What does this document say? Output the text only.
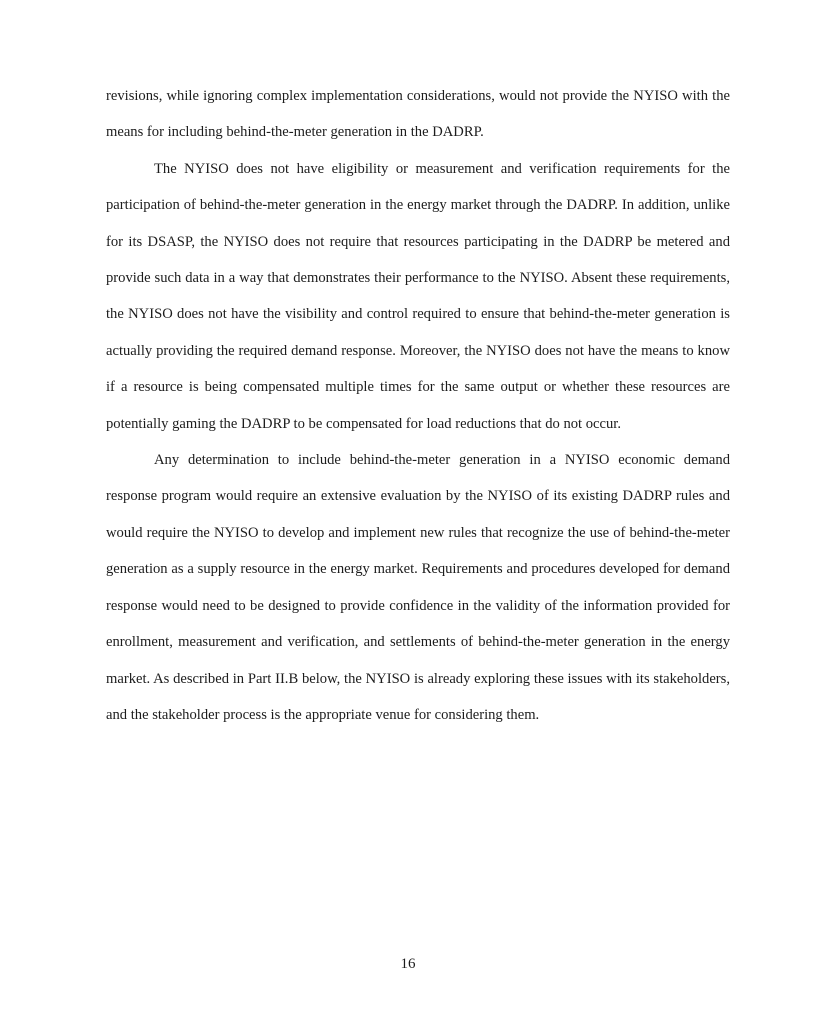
revisions, while ignoring complex implementation considerations, would not provide the NYISO with the means for including behind-the-meter generation in the DADRP.

The NYISO does not have eligibility or measurement and verification requirements for the participation of behind-the-meter generation in the energy market through the DADRP. In addition, unlike for its DSASP, the NYISO does not require that resources participating in the DADRP be metered and provide such data in a way that demonstrates their performance to the NYISO. Absent these requirements, the NYISO does not have the visibility and control required to ensure that behind-the-meter generation is actually providing the required demand response. Moreover, the NYISO does not have the means to know if a resource is being compensated multiple times for the same output or whether these resources are potentially gaming the DADRP to be compensated for load reductions that do not occur.

Any determination to include behind-the-meter generation in a NYISO economic demand response program would require an extensive evaluation by the NYISO of its existing DADRP rules and would require the NYISO to develop and implement new rules that recognize the use of behind-the-meter generation as a supply resource in the energy market. Requirements and procedures developed for demand response would need to be designed to provide confidence in the validity of the information provided for enrollment, measurement and verification, and settlements of behind-the-meter generation in the energy market. As described in Part II.B below, the NYISO is already exploring these issues with its stakeholders, and the stakeholder process is the appropriate venue for considering them.

16
